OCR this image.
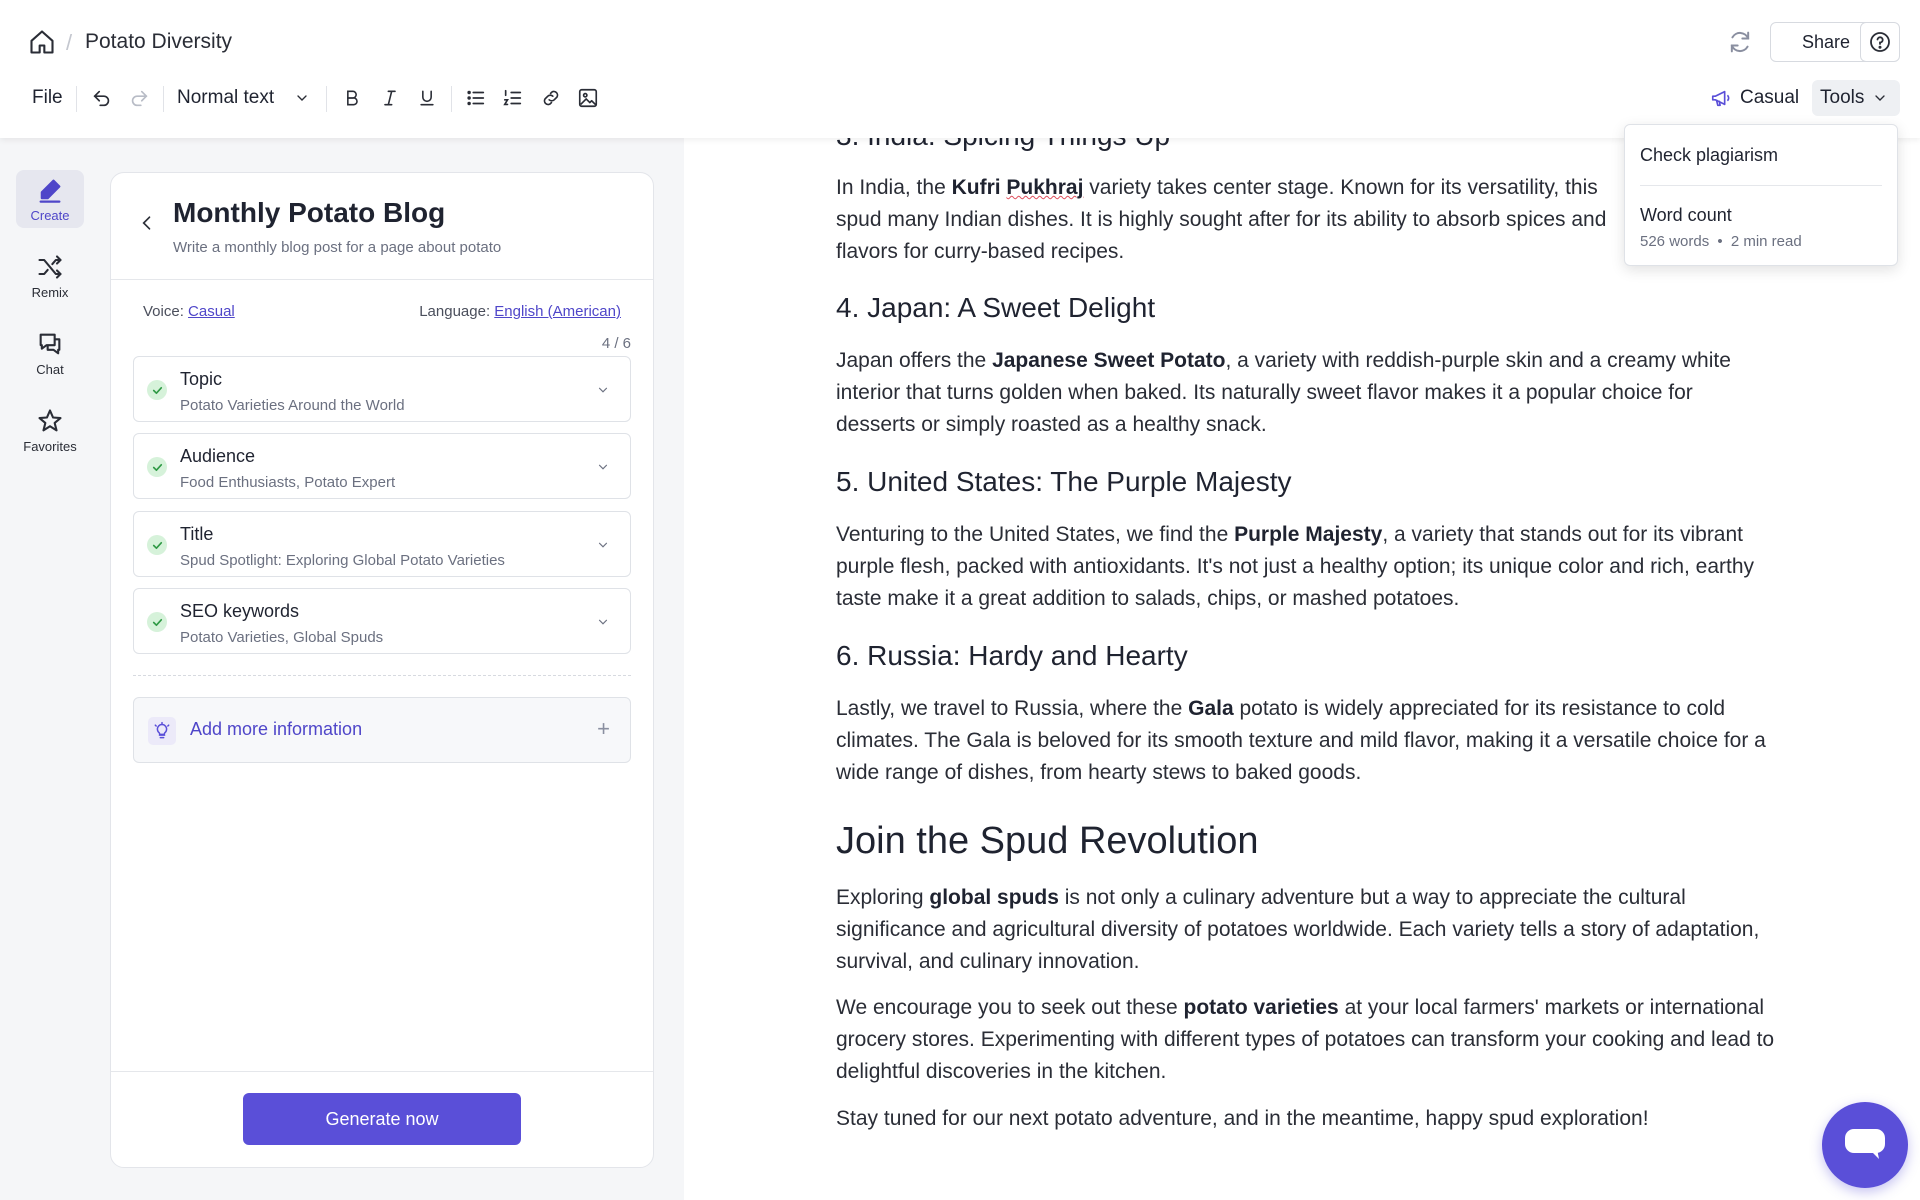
In India, the Kufri Pukhraj variety takes center stage. Known for its versatility, this spud many Indian dishes. It is highly sought after for its ability to absorb spices and flavors for curry-based recipes.

4. Japan: A Sweet Delight

Japan offers the Japanese Sweet Potato, a variety with reddish-purple skin and a creamy white interior that turns golden when baked. Its naturally sweet flavor makes it a popular choice for desserts or simply roasted as a healthy snack.

5. United States: The Purple Majesty

Venturing to the United States, we find the Purple Majesty, a variety that stands out for its vibrant purple flesh, packed with antioxidants. It's not just a healthy option; its unique color and rich, earthy taste make it a great addition to salads, chips, or mashed potatoes.

6. Russia: Hardy and Hearty

Lastly, we travel to Russia, where the Gala potato is widely appreciated for its resistance to cold climates. The Gala is beloved for its smooth texture and mild flavor, making it a versatile choice for a wide range of dishes, from hearty stews to baked goods.

Join the Spud Revolution

Exploring global spuds is not only a culinary adventure but a way to appreciate the cultural significance and agricultural diversity of potatoes worldwide. Each variety tells a story of adaptation, survival, and culinary innovation.

We encourage you to seek out these potato varieties at your local farmers' markets or international grocery stores. Experimenting with different types of potatoes can transform your cooking and lead to delightful discoveries in the kitchen.

Stay tuned for our next potato adventure, and in the meantime, happy spud exploration!

/ Potato Diversity	Share
File	Normal text	Casual Tools
Check plagiarism
Word count
526 words • 2 min read
Create
Remix
Chat
Favorites
Monthly Potato Blog
Write a monthly blog post for a page about potato
Voice: Casual	Language: English (American)
4 / 6
Topic
Potato Varieties Around the World
Audience
Food Enthusiasts, Potato Expert
Title
Spud Spotlight: Exploring Global Potato Varieties
SEO keywords
Potato Varieties, Global Spuds
Add more information	+
Generate now
